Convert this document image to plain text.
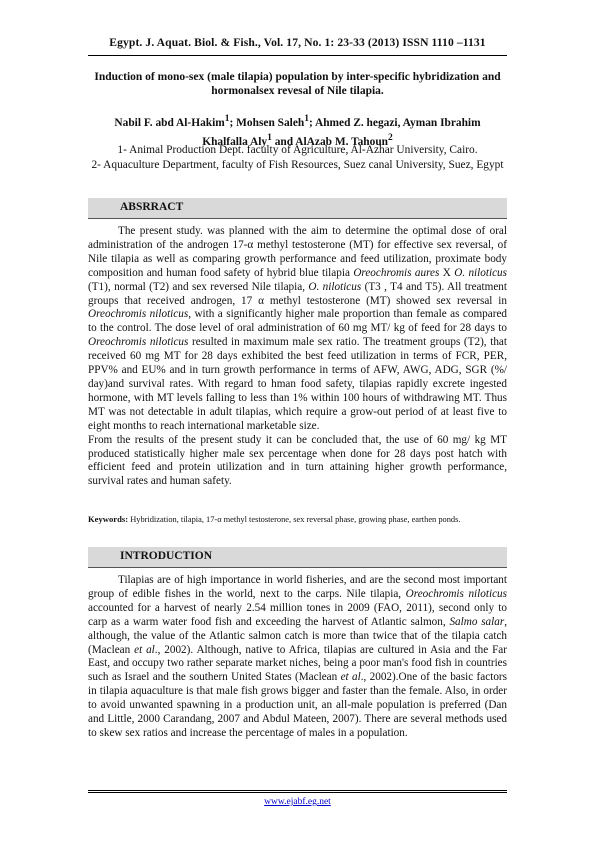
Egypt. J. Aquat. Biol. & Fish., Vol. 17, No. 1: 23-33 (2013) ISSN 1110 –1131
Induction of mono-sex (male tilapia) population by inter-specific hybridization and hormonalsex revesal of Nile tilapia.
Nabil F. abd Al-Hakim$^1$; Mohsen Saleh$^1$; Ahmed Z. hegazi, Ayman Ibrahim Khalfalla Aly$^1$ and AlAzab M. Tahoun$^2$
1- Animal Production Dept. faculty of Agriculture, Al-Azhar University, Cairo.
2- Aquaculture Department, faculty of Fish Resources, Suez canal University, Suez, Egypt
ABSRRACT

The present study. was planned with the aim to determine the optimal dose of oral administration of the androgen 17-α methyl testosterone (MT) for effective sex reversal, of Nile tilapia as well as comparing growth performance and feed utilization, proximate body composition and human food safety of hybrid blue tilapia Oreochromis aures X O. niloticus (T1), normal (T2) and sex reversed Nile tilapia, O. niloticus (T3 , T4 and T5). All treatment groups that received androgen, 17 α methyl testosterone (MT) showed sex reversal in Oreochromis niloticus, with a significantly higher male proportion than female as compared to the control. The dose level of oral administration of 60 mg MT/ kg of feed for 28 days to Oreochromis niloticus resulted in maximum male sex ratio. The treatment groups (T2), that received 60 mg MT for 28 days exhibited the best feed utilization in terms of FCR, PER, PPV% and EU% and in turn growth performance in terms of AFW, AWG, ADG, SGR (%/ day)and survival rates. With regard to hman food safety, tilapias rapidly excrete ingested hormone, with MT levels falling to less than 1% within 100 hours of withdrawing MT. Thus MT was not detectable in adult tilapias, which require a grow-out period of at least five to eight months to reach international marketable size.

From the results of the present study it can be concluded that, the use of 60 mg/ kg MT produced statistically higher male sex percentage when done for 28 days post hatch with efficient feed and protein utilization and in turn attaining higher growth performance, survival rates and human safety.

Keywords: Hybridization, tilapia, 17-α methyl testosterone, sex reversal phase, growing phase, earthen ponds.
INTRODUCTION

Tilapias are of high importance in world fisheries, and are the second most important group of edible fishes in the world, next to the carps. Nile tilapia, Oreochromis niloticus accounted for a harvest of nearly 2.54 million tones in 2009 (FAO, 2011), second only to carp as a warm water food fish and exceeding the harvest of Atlantic salmon, Salmo salar, although, the value of the Atlantic salmon catch is more than twice that of the tilapia catch (Maclean et al., 2002). Although, native to Africa, tilapias are cultured in Asia and the Far East, and occupy two rather separate market niches, being a poor man's food fish in countries such as Israel and the southern United States (Maclean et al., 2002).One of the basic factors in tilapia aquaculture is that male fish grows bigger and faster than the female. Also, in order to avoid unwanted spawning in a production unit, an all-male population is preferred (Dan and Little, 2000 Carandang, 2007 and Abdul Mateen, 2007). There are several methods used to skew sex ratios and increase the percentage of males in a population.

www.ejabf.eg.net
